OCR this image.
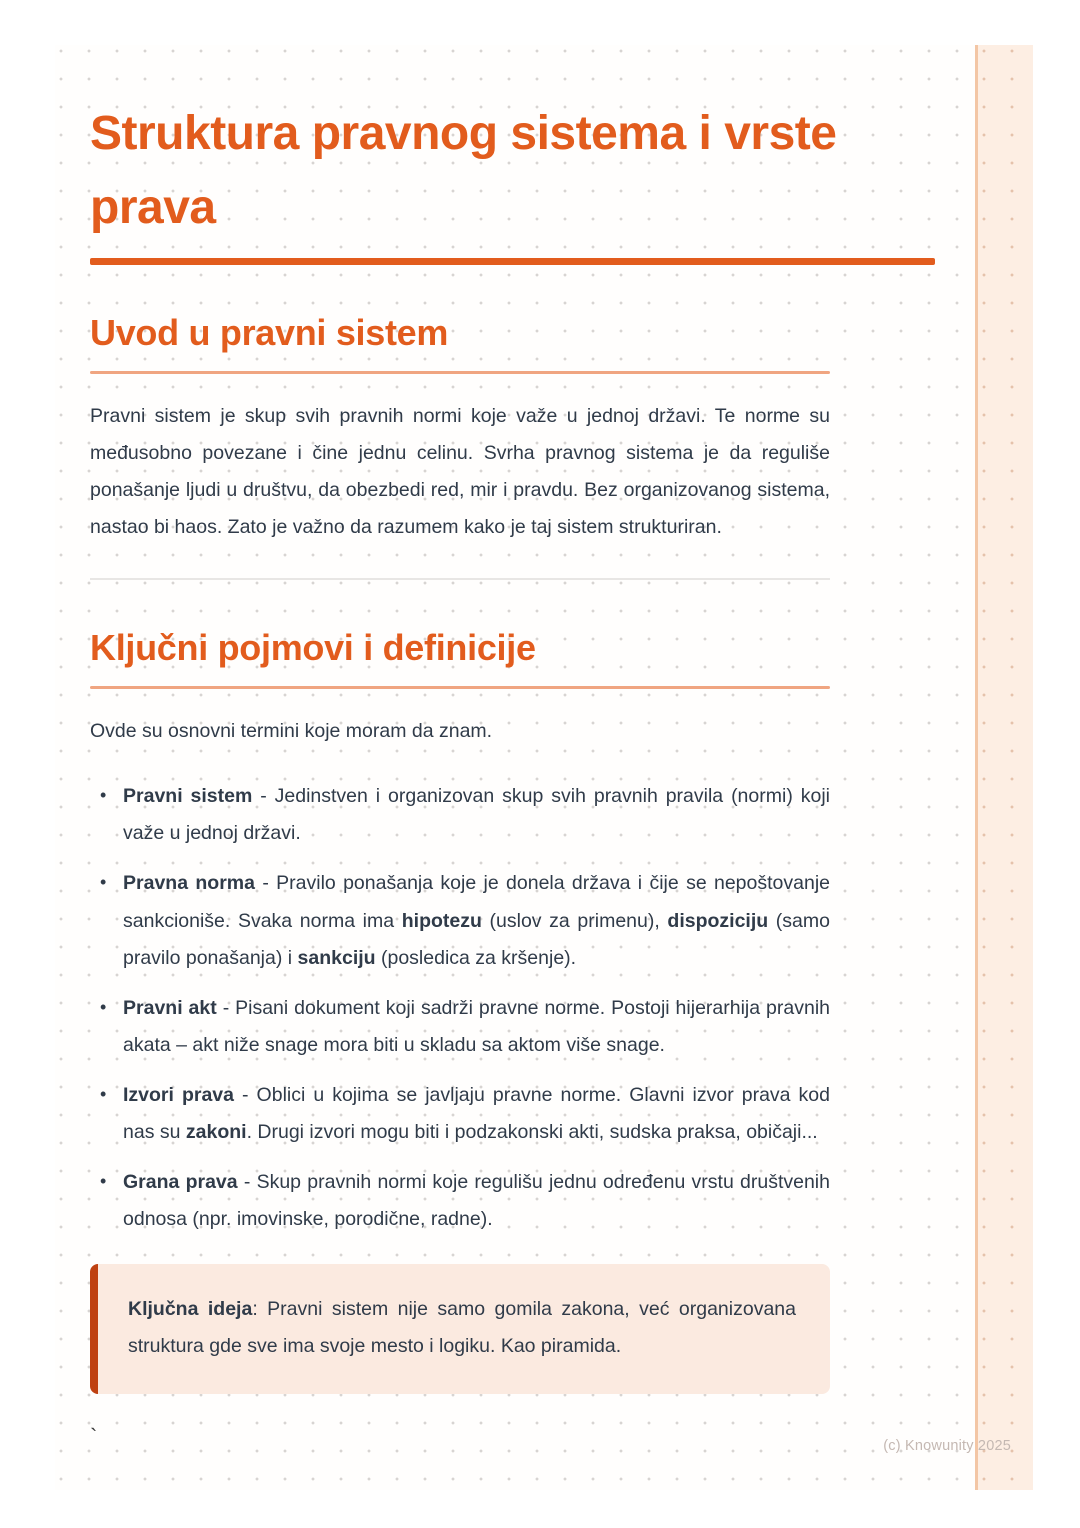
Struktura pravnog sistema i vrste
prava
Uvod u pravni sistem

Pravni sistem je skup svih pravnih normi koje važe u jednoj državi. Te norme su međusobno povezane i čine jednu celinu. Svrha pravnog sistema je da reguliše ponašanje ljudi u društvu, da obezbedi red, mir i pravdu. Bez organizovanog sistema, nastao bi haos. Zato je važno da razumem kako je taj sistem strukturiran.

Ključni pojmovi i definicije

Ovde su osnovni termini koje moram da znam.

• Pravni sistem - Jedinstven i organizovan skup svih pravnih pravila (normi) koji važe u jednoj državi.
• Pravna norma - Pravilo ponašanja koje je donela država i čije se nepoštovanje sankcioniše. Svaka norma ima hipotezu (uslov za primenu), dispoziciju (samo pravilo ponašanja) i sankciju (posledica za kršenje).
• Pravni akt - Pisani dokument koji sadrži pravne norme. Postoji hijerarhija pravnih akata – akt niže snage mora biti u skladu sa aktom više snage.
• Izvori prava - Oblici u kojima se javljaju pravne norme. Glavni izvor prava kod nas su zakoni. Drugi izvori mogu biti i podzakonski akti, sudska praksa, običaji...
• Grana prava - Skup pravnih normi koje regulišu jednu određenu vrstu društvenih odnosa (npr. imovinske, porodične, radne).

Ključna ideja: Pravni sistem nije samo gomila zakona, već organizovana struktura gde sve ima svoje mesto i logiku. Kao piramida.

`	(c) Knowunity 2025
